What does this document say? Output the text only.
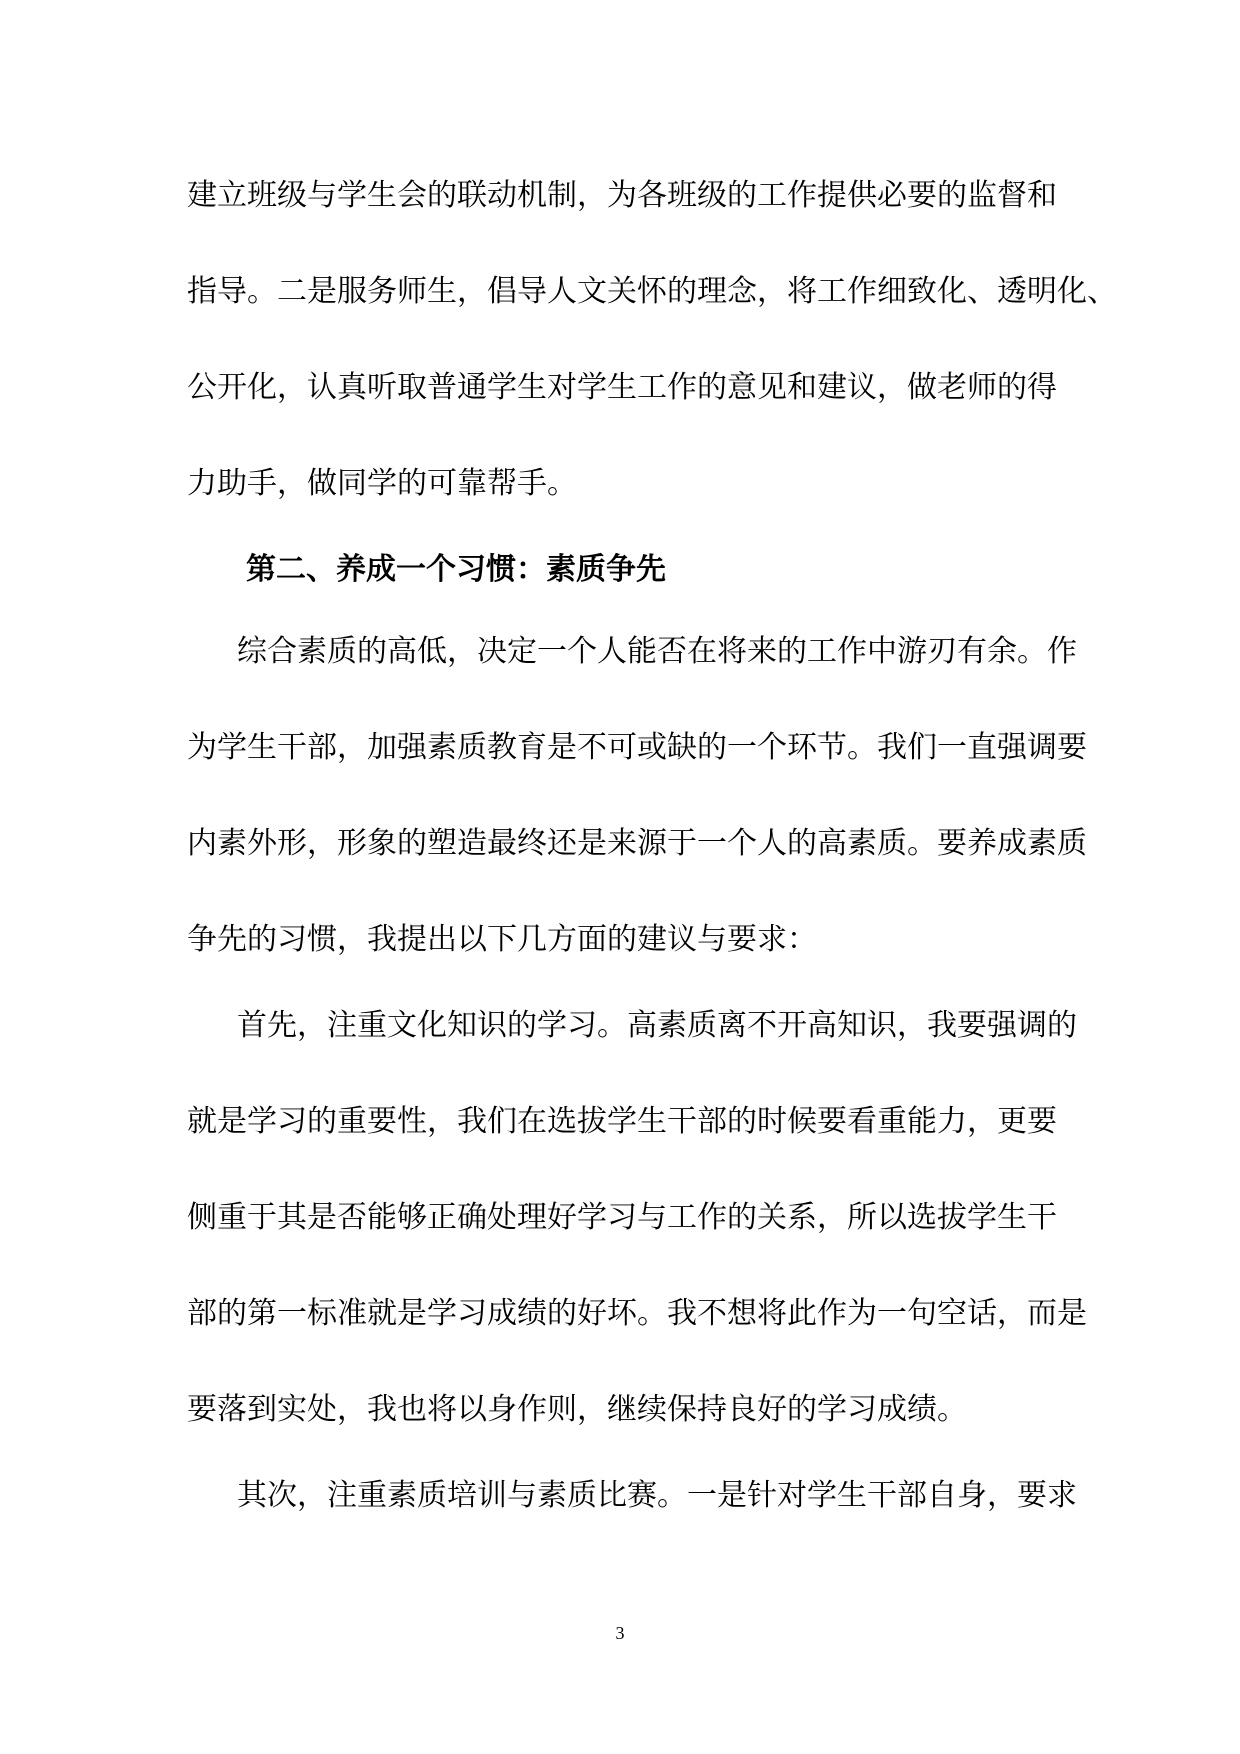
建立班级与学生会的联动机制，为各班级的工作提供必要的监督和
指导。二是服务师生，倡导人文关怀的理念，将工作细致化、透明化、
公开化，认真听取普通学生对学生工作的意见和建议，做老师的得
力助手，做同学的可靠帮手。
第二、养成一个习惯：素质争先
综合素质的高低，决定一个人能否在将来的工作中游刃有余。作
为学生干部，加强素质教育是不可或缺的一个环节。我们一直强调要
内素外形，形象的塑造最终还是来源于一个人的高素质。要养成素质
争先的习惯，我提出以下几方面的建议与要求：
首先，注重文化知识的学习。高素质离不开高知识，我要强调的
就是学习的重要性，我们在选拔学生干部的时候要看重能力，更要
侧重于其是否能够正确处理好学习与工作的关系，所以选拔学生干
部的第一标准就是学习成绩的好坏。我不想将此作为一句空话，而是
要落到实处，我也将以身作则，继续保持良好的学习成绩。
其次，注重素质培训与素质比赛。一是针对学生干部自身，要求
3
